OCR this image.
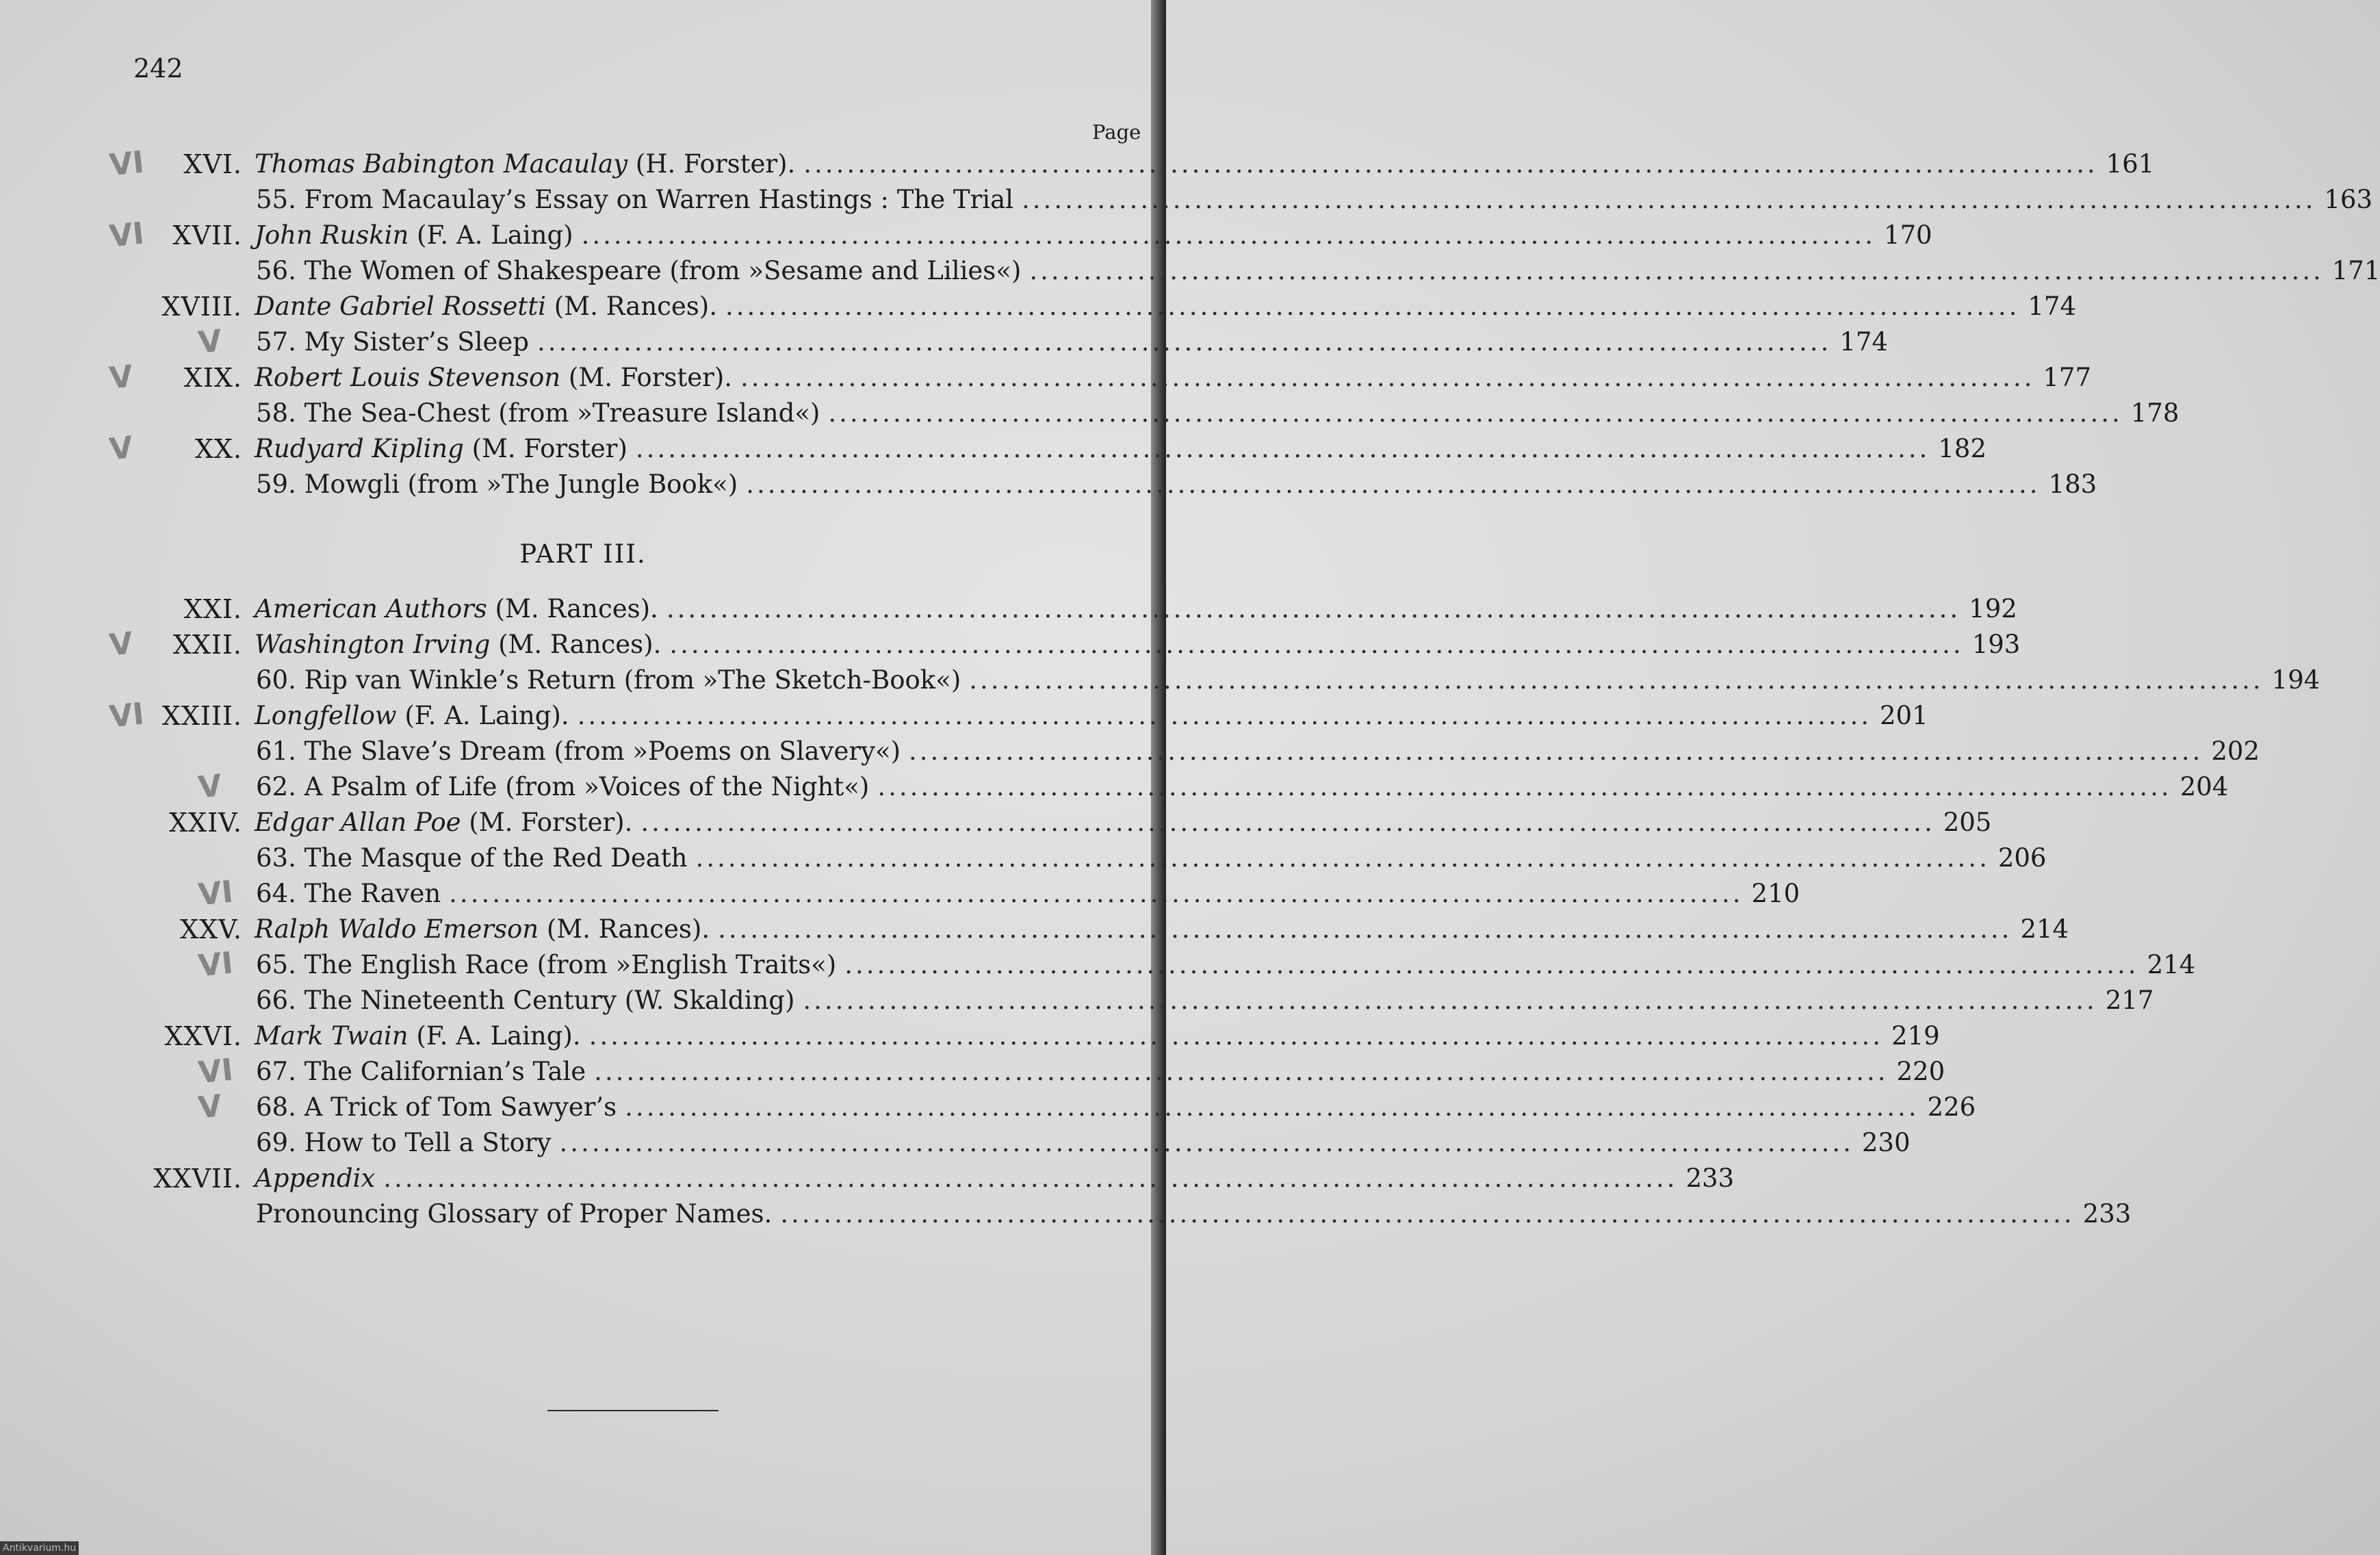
242
Page
VI XVI. Thomas Babington Macaulay (H. Forster). ........................................................................................................................ 161
55. From Macaulay’s Essay on Warren Hastings : The Trial ........................................................................................................................ 163
VI XVII. John Ruskin (F. A. Laing) ........................................................................................................................ 170
56. The Women of Shakespeare (from »Sesame and Lilies«) ........................................................................................................................ 171
XVIII. Dante Gabriel Rossetti (M. Rances). ........................................................................................................................ 174
V 57. My Sister’s Sleep ........................................................................................................................ 174
V XIX. Robert Louis Stevenson (M. Forster). ........................................................................................................................ 177
58. The Sea-Chest (from »Treasure Island«) ........................................................................................................................ 178
V XX. Rudyard Kipling (M. Forster) ........................................................................................................................ 182
59. Mowgli (from »The Jungle Book«) ........................................................................................................................ 183
PART III.
XXI. American Authors (M. Rances). ........................................................................................................................ 192
V XXII. Washington Irving (M. Rances). ........................................................................................................................ 193
60. Rip van Winkle’s Return (from »The Sketch-Book«) ........................................................................................................................ 194
VI XXIII. Longfellow (F. A. Laing). ........................................................................................................................ 201
61. The Slave’s Dream (from »Poems on Slavery«) ........................................................................................................................ 202
V 62. A Psalm of Life (from »Voices of the Night«) ........................................................................................................................ 204
XXIV. Edgar Allan Poe (M. Forster). ........................................................................................................................ 205
63. The Masque of the Red Death ........................................................................................................................ 206
VI 64. The Raven ........................................................................................................................ 210
XXV. Ralph Waldo Emerson (M. Rances). ........................................................................................................................ 214
VI 65. The English Race (from »English Traits«) ........................................................................................................................ 214
66. The Nineteenth Century (W. Skalding) ........................................................................................................................ 217
XXVI. Mark Twain (F. A. Laing). ........................................................................................................................ 219
VI 67. The Californian’s Tale ........................................................................................................................ 220
V 68. A Trick of Tom Sawyer’s ........................................................................................................................ 226
69. How to Tell a Story ........................................................................................................................ 230
XXVII. Appendix ........................................................................................................................ 233
Pronouncing Glossary of Proper Names. ........................................................................................................................ 233
Antikvarium.hu
